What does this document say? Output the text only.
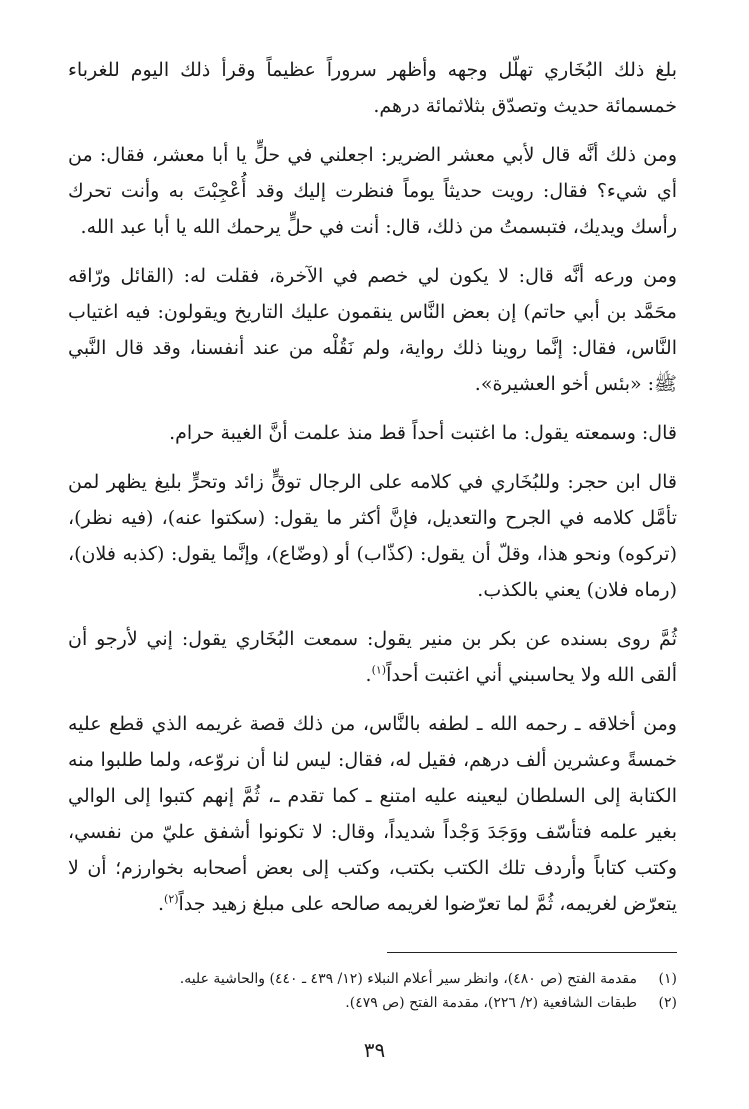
بلغ ذلك البُخَاري تهلّل وجهه وأظهر سروراً عظيماً وقرأ ذلك اليوم للغرباء خمسمائة حديث وتصدّق بثلاثمائة درهم.

ومن ذلك أنَّه قال لأبي معشر الضرير: اجعلني في حلٍّ يا أبا معشر، فقال: من أي شيء؟ فقال: رويت حديثاً يوماً فنظرت إليك وقد أُعْجِبْتَ به وأنت تحرك رأسك ويديك، فتبسمتُ من ذلك، قال: أنت في حلٍّ يرحمك الله يا أبا عبد الله.

ومن ورعه أنَّه قال: لا يكون لي خصم في الآخرة، فقلت له: (القائل ورّاقه محَمَّد بن أبي حاتم) إن بعض النَّاس ينقمون عليك التاريخ ويقولون: فيه اغتياب النَّاس، فقال: إنَّما روينا ذلك رواية، ولم نَقُلْه من عند أنفسنا، وقد قال النَّبي ﷺ: «بئس أخو العشيرة».

قال: وسمعته يقول: ما اغتبت أحداً قط منذ علمت أنَّ الغيبة حرام.

قال ابن حجر: وللبُخَاري في كلامه على الرجال توقٍّ زائد وتحرٍّ بليغ يظهر لمن تأمَّل كلامه في الجرح والتعديل، فإنَّ أكثر ما يقول: (سكتوا عنه)، (فيه نظر)، (تركوه) ونحو هذا، وقلّ أن يقول: (كذّاب) أو (وضّاع)، وإنَّما يقول: (كذبه فلان)، (رماه فلان) يعني بالكذب.

ثُمَّ روى بسنده عن بكر بن منير يقول: سمعت البُخَاري يقول: إني لأرجو أن ألقى الله ولا يحاسبني أني اغتبت أحداً$^{(١)}$.

ومن أخلاقه ـ رحمه الله ـ لطفه بالنَّاس، من ذلك قصة غريمه الذي قطع عليه خمسةً وعشرين ألف درهم، فقيل له، فقال: ليس لنا أن نروّعه، ولما طلبوا منه الكتابة إلى السلطان ليعينه عليه امتنع ـ كما تقدم ـ، ثُمَّ إنهم كتبوا إلى الوالي بغير علمه فتأسّف ووَجَدَ وَجْداً شديداً، وقال: لا تكونوا أشفق عليّ من نفسي، وكتب كتاباً وأردف تلك الكتب بكتب، وكتب إلى بعض أصحابه بخوارزم؛ أن لا يتعرّض لغريمه، ثُمَّ لما تعرّضوا لغريمه صالحه على مبلغ زهيد جداً$^{(٢)}$.

(١)مقدمة الفتح (ص ٤٨٠)، وانظر سير أعلام النبلاء (١٢/ ٤٣٩ ـ ٤٤٠) والحاشية عليه.

(٢)طبقات الشافعية (٢/ ٢٢٦)، مقدمة الفتح (ص ٤٧٩).

٣٩
